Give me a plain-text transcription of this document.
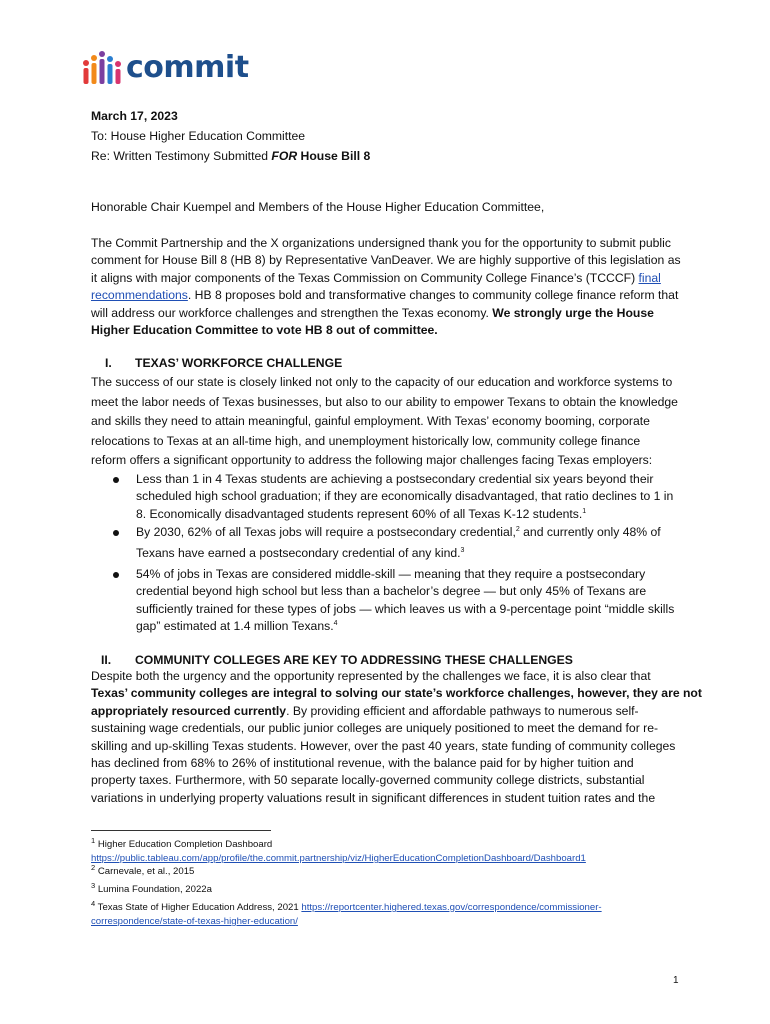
commit
March 17, 2023
To: House Higher Education Committee
Re: Written Testimony Submitted FOR House Bill 8
Honorable Chair Kuempel and Members of the House Higher Education Committee,
The Commit Partnership and the X organizations undersigned thank you for the opportunity to submit public
comment for House Bill 8 (HB 8) by Representative VanDeaver. We are highly supportive of this legislation as
it aligns with major components of the Texas Commission on Community College Finance’s (TCCCF) final
recommendations. HB 8 proposes bold and transformative changes to community college finance reform that
will address our workforce challenges and strengthen the Texas economy. We strongly urge the House
Higher Education Committee to vote HB 8 out of committee.
I. TEXAS’ WORKFORCE CHALLENGE
The success of our state is closely linked not only to the capacity of our education and workforce systems to
meet the labor needs of Texas businesses, but also to our ability to empower Texans to obtain the knowledge
and skills they need to attain meaningful, gainful employment. With Texas’ economy booming, corporate
relocations to Texas at an all-time high, and unemployment historically low, community college finance
reform offers a significant opportunity to address the following major challenges facing Texas employers:
Less than 1 in 4 Texas students are achieving a postsecondary credential six years beyond their
scheduled high school graduation; if they are economically disadvantaged, that ratio declines to 1 in
8. Economically disadvantaged students represent 60% of all Texas K-12 students.$^1$
By 2030, 62% of all Texas jobs will require a postsecondary credential,$^2$ and currently only 48% of
Texans have earned a postsecondary credential of any kind.$^3$
54% of jobs in Texas are considered middle-skill — meaning that they require a postsecondary
credential beyond high school but less than a bachelor’s degree — but only 45% of Texans are
sufficiently trained for these types of jobs — which leaves us with a 9-percentage point “middle skills
gap” estimated at 1.4 million Texans.$^4$
II. COMMUNITY COLLEGES ARE KEY TO ADDRESSING THESE CHALLENGES
Despite both the urgency and the opportunity represented by the challenges we face, it is also clear that
Texas’ community colleges are integral to solving our state’s workforce challenges, however, they are not
appropriately resourced currently. By providing efficient and affordable pathways to numerous self-
sustaining wage credentials, our public junior colleges are uniquely positioned to meet the demand for re-
skilling and up-skilling Texas students. However, over the past 40 years, state funding of community colleges
has declined from 68% to 26% of institutional revenue, with the balance paid for by higher tuition and
property taxes. Furthermore, with 50 separate locally-governed community college districts, substantial
variations in underlying property valuations result in significant differences in student tuition rates and the
$^1$ Higher Education Completion Dashboard
https://public.tableau.com/app/profile/the.commit.partnership/viz/HigherEducationCompletionDashboard/Dashboard1
$^2$ Carnevale, et al., 2015
$^3$ Lumina Foundation, 2022a
$^4$ Texas State of Higher Education Address, 2021 https://reportcenter.highered.texas.gov/correspondence/commissioner-
correspondence/state-of-texas-higher-education/
1
